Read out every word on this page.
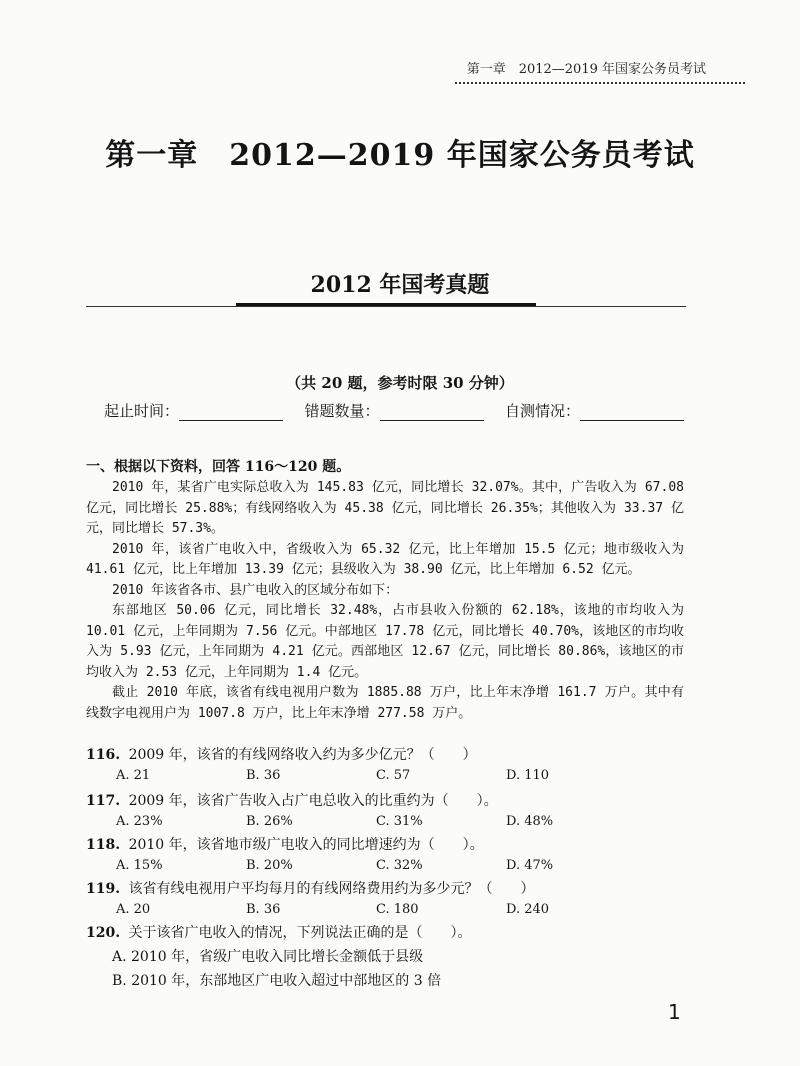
第一章　2012—2019 年国家公务员考试
第一章　2012—2019 年国家公务员考试
2012 年国考真题
（共 20 题，参考时限 30 分钟）
起止时间：	错题数量：	自测情况：
一、根据以下资料，回答 116～120 题。

2010 年，某省广电实际总收入为 145.83 亿元，同比增长 32.07%。其中，广告收入为 67.08 亿元，同比增长 25.88%；有线网络收入为 45.38 亿元，同比增长 26.35%；其他收入为 33.37 亿元，同比增长 57.3%。

2010 年，该省广电收入中，省级收入为 65.32 亿元，比上年增加 15.5 亿元；地市级收入为 41.61 亿元，比上年增加 13.39 亿元；县级收入为 38.90 亿元，比上年增加 6.52 亿元。

2010 年该省各市、县广电收入的区域分布如下：

东部地区 50.06 亿元，同比增长 32.48%，占市县收入份额的 62.18%，该地的市均收入为 10.01 亿元，上年同期为 7.56 亿元。中部地区 17.78 亿元，同比增长 40.70%，该地区的市均收入为 5.93 亿元，上年同期为 4.21 亿元。西部地区 12.67 亿元，同比增长 80.86%，该地区的市均收入为 2.53 亿元，上年同期为 1.4 亿元。

截止 2010 年底，该省有线电视用户数为 1885.88 万户，比上年末净增 161.7 万户。其中有线数字电视用户为 1007.8 万户，比上年末净增 277.58 万户。

116. 2009 年，该省的有线网络收入约为多少亿元？（　　）
A. 21	B. 36	C. 57	D. 110
117. 2009 年，该省广告收入占广电总收入的比重约为（　　）。
A. 23%	B. 26%	C. 31%	D. 48%
118. 2010 年，该省地市级广电收入的同比增速约为（　　）。
A. 15%	B. 20%	C. 32%	D. 47%
119. 该省有线电视用户平均每月的有线网络费用约为多少元？（　　）
A. 20	B. 36	C. 180	D. 240
120. 关于该省广电收入的情况，下列说法正确的是（　　）。
A. 2010 年，省级广电收入同比增长金额低于县级
B. 2010 年，东部地区广电收入超过中部地区的 3 倍
1
